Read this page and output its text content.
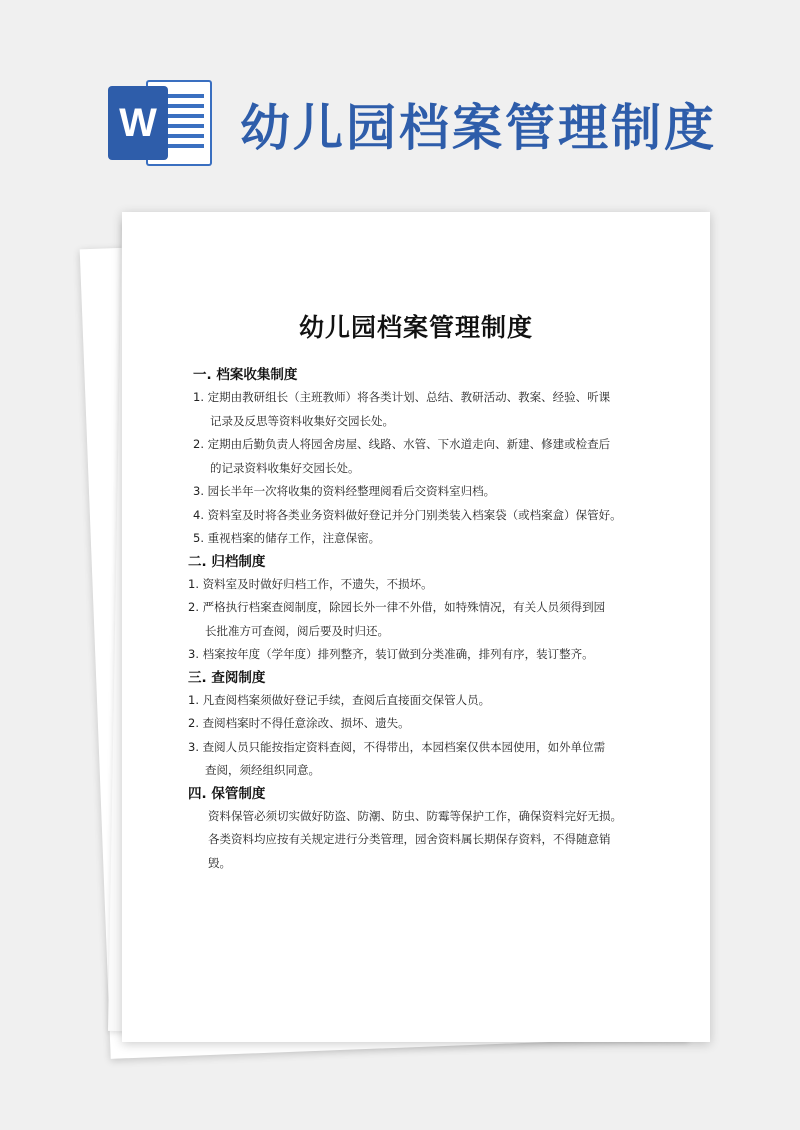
W 幼儿园档案管理制度
幼儿园档案管理制度

一. 档案收集制度

1. 定期由教研组长（主班教师）将各类计划、总结、教研活动、教案、经验、听课
记录及反思等资料收集好交园长处。
2. 定期由后勤负责人将园舍房屋、线路、水管、下水道走向、新建、修建或检查后
的记录资料收集好交园长处。
3. 园长半年一次将收集的资料经整理阅看后交资料室归档。
4. 资料室及时将各类业务资料做好登记并分门别类装入档案袋（或档案盒）保管好。
5. 重视档案的储存工作，注意保密。

二. 归档制度

1. 资料室及时做好归档工作，不遗失，不损坏。
2. 严格执行档案查阅制度，除园长外一律不外借，如特殊情况，有关人员须得到园
长批准方可查阅，阅后要及时归还。
3. 档案按年度（学年度）排列整齐，装订做到分类准确，排列有序，装订整齐。

三. 查阅制度

1. 凡查阅档案须做好登记手续，查阅后直接面交保管人员。
2. 查阅档案时不得任意涂改、损坏、遗失。
3. 查阅人员只能按指定资料查阅，不得带出，本园档案仅供本园使用，如外单位需
查阅，须经组织同意。

四. 保管制度

资料保管必须切实做好防盗、防潮、防虫、防霉等保护工作，确保资料完好无损。
各类资料均应按有关规定进行分类管理，园舍资料属长期保存资料，不得随意销
毁。
